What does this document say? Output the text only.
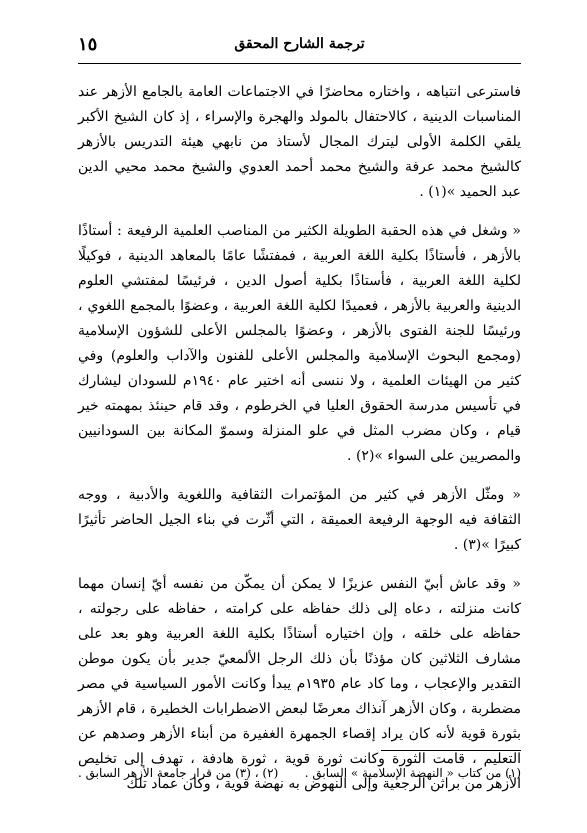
ترجمة الشارح المحقق
١٥

فاسترعى انتباهه ، واختاره محاضرًا في الاجتماعات العامة بالجامع الأزهر عند المناسبات الدينية ، كالاحتفال بالمولد والهجرة والإسراء ، إذ كان الشيخ الأكبر يلقي الكلمة الأولى ليترك المجال لأستاذ من نابهي هيئة التدريس بالأزهر كالشيخ محمد عرفة والشيخ محمد أحمد العدوي والشيخ محمد محيي الدين عبد الحميد »(١) .

« وشغل في هذه الحقبة الطويلة الكثير من المناصب العلمية الرفيعة : أستاذًا بالأزهر ، فأستاذًا بكلية اللغة العربية ، فمفتشًا عامًا بالمعاهد الدينية ، فوكيلًا لكلية اللغة العربية ، فأستاذًا بكلية أصول الدين ، فرئيسًا لمفتشي العلوم الدينية والعربية بالأزهر ، فعميدًا لكلية اللغة العربية ، وعضوًا بالمجمع اللغوي ، ورئيسًا للجنة الفتوى بالأزهر ، وعضوًا بالمجلس الأعلى للشؤون الإسلامية (ومجمع البحوث الإسلامية والمجلس الأعلى للفنون والآداب والعلوم) وفي كثير من الهيئات العلمية ، ولا ننسى أنه اختير عام ١٩٤٠م للسودان ليشارك في تأسيس مدرسة الحقوق العليا في الخرطوم ، وقد قام حينئذ بمهمته خير قيام ، وكان مضرب المثل في علو المنزلة وسموّ المكانة بين السودانيين والمصريين على السواء »(٢) .

« ومثّل الأزهر في كثير من المؤتمرات الثقافية واللغوية والأدبية ، ووجه الثقافة فيه الوجهة الرفيعة العميقة ، التي أثّرت في بناء الجيل الحاضر تأثيرًا كبيرًا »(٣) .

« وقد عاش أبيّ النفس عزيزًا لا يمكن أن يمكّن من نفسه أيّ إنسان مهما كانت منزلته ، دعاه إلى ذلك حفاظه على كرامته ، حفاظه على رجولته ، حفاظه على خلقه ، وإن اختياره أستاذًا بكلية اللغة العربية وهو بعد على مشارف الثلاثين كان مؤذنًا بأن ذلك الرجل الألمعيّ جدير بأن يكون موطن التقدير والإعجاب ، وما كاد عام ١٩٣٥م يبدأ وكانت الأمور السياسية في مصر مضطربة ، وكان الأزهر آنذاك معرضًا لبعض الاضطرابات الخطيرة ، قام الأزهر بثورة قوية لأنه كان يراد إقصاء الجمهرة الغفيرة من أبناء الأزهر وصدهم عن التعليم ، قامت الثورة وكانت ثورة قوية ، ثورة هادفة ، تهدف إلى تخليص الأزهر من براثن الرجعية وإلى النهوض به نهضة قوية ، وكان عماد تلك

(١) من كتاب « النهضة الإسلامية » السابق .
(٢) ، (٣) من قرار جامعة الأزهر السابق .
